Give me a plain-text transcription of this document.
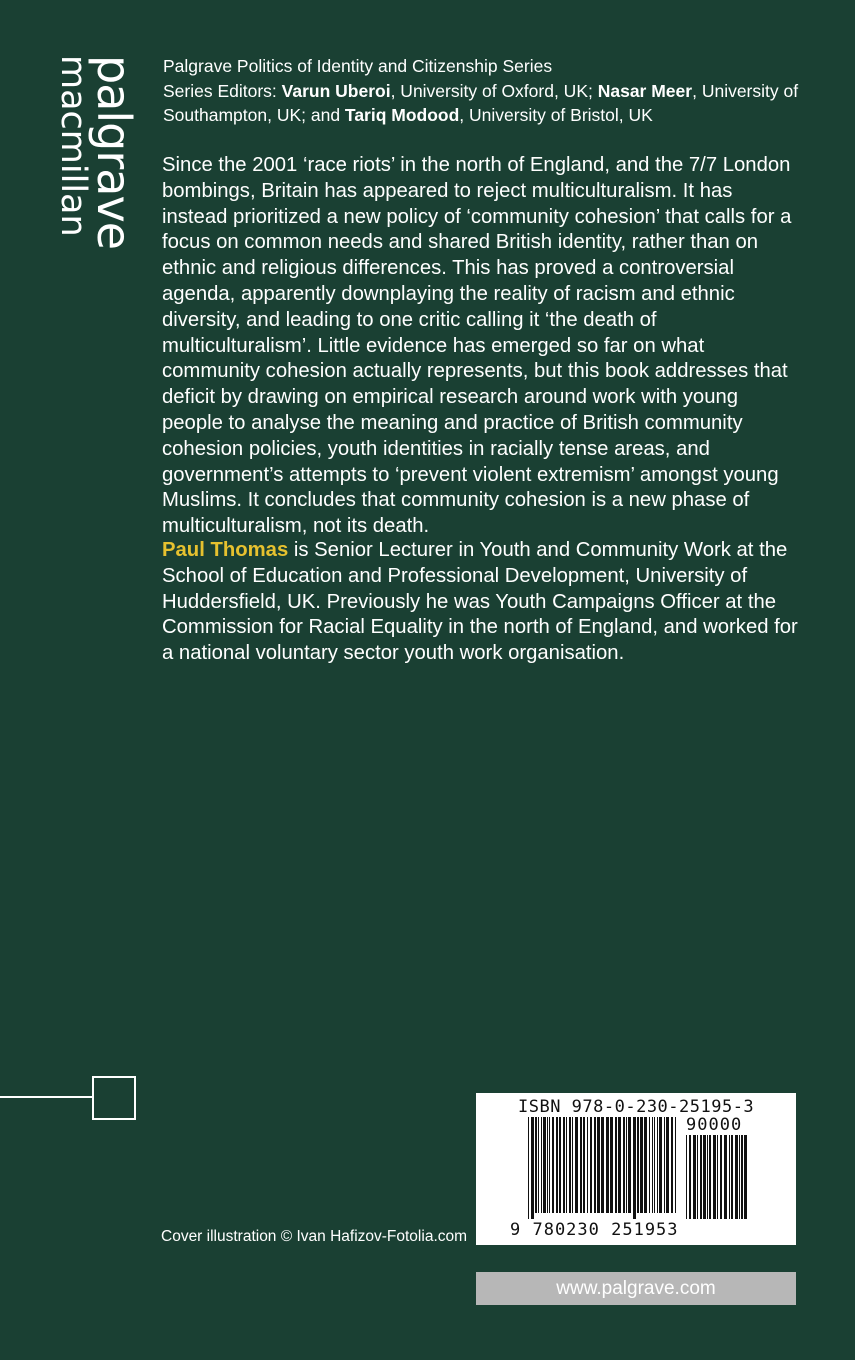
palgrave
macmillan	Palgrave Politics of Identity and Citizenship Series
Series Editors: Varun Uberoi, University of Oxford, UK; Nasar Meer, University of Southampton, UK; and Tariq Modood, University of Bristol, UK

Since the 2001 ‘race riots’ in the north of England, and the 7/7 London bombings, Britain has appeared to reject multiculturalism. It has instead prioritized a new policy of ‘community cohesion’ that calls for a focus on common needs and shared British identity, rather than on ethnic and religious differences. This has proved a controversial agenda, apparently downplaying the reality of racism and ethnic diversity, and leading to one critic calling it ‘the death of multiculturalism’. Little evidence has emerged so far on what community cohesion actually represents, but this book addresses that deficit by drawing on empirical research around work with young people to analyse the meaning and practice of British community cohesion policies, youth identities in racially tense areas, and government’s attempts to ‘prevent violent extremism’ amongst young Muslims. It concludes that community cohesion is a new phase of multiculturalism, not its death.

Paul Thomas is Senior Lecturer in Youth and Community Work at the School of Education and Professional Development, University of Huddersfield, UK. Previously he was Youth Campaigns Officer at the Commission for Racial Equality in the north of England, and worked for a national voluntary sector youth work organisation.

Cover illustration © Ivan Hafizov-Fotolia.com
ISBN 978-0-230-25195-3
90000
9 780230 251953
www.palgrave.com
